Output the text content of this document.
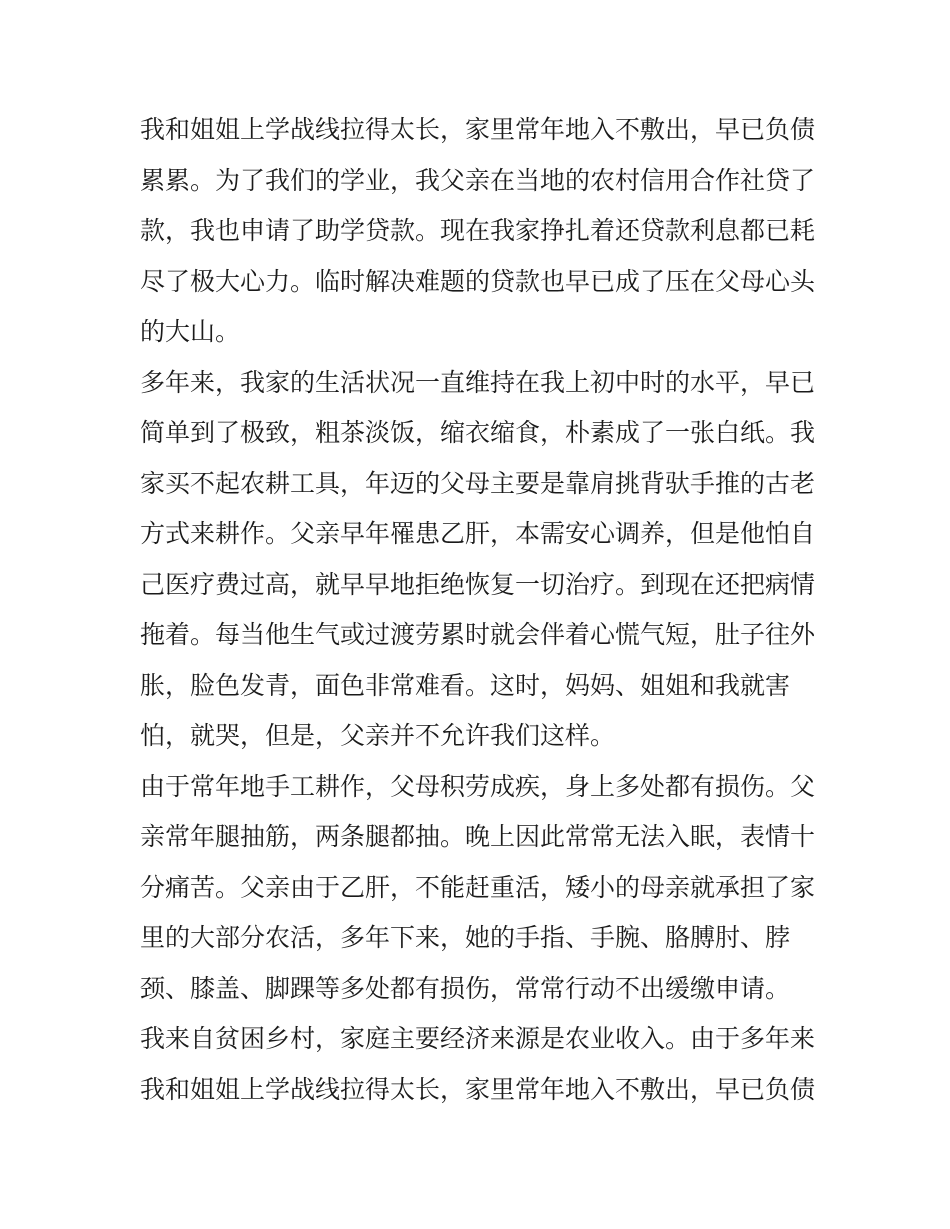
我和姐姐上学战线拉得太长，家里常年地入不敷出，早已负债
累累。为了我们的学业，我父亲在当地的农村信用合作社贷了
款，我也申请了助学贷款。现在我家挣扎着还贷款利息都已耗
尽了极大心力。临时解决难题的贷款也早已成了压在父母心头
的大山。
多年来，我家的生活状况一直维持在我上初中时的水平，早已
简单到了极致，粗茶淡饭，缩衣缩食，朴素成了一张白纸。我
家买不起农耕工具，年迈的父母主要是靠肩挑背驮手推的古老
方式来耕作。父亲早年罹患乙肝，本需安心调养，但是他怕自
己医疗费过高，就早早地拒绝恢复一切治疗。到现在还把病情
拖着。每当他生气或过渡劳累时就会伴着心慌气短，肚子往外
胀，脸色发青，面色非常难看。这时，妈妈、姐姐和我就害
怕，就哭，但是，父亲并不允许我们这样。
由于常年地手工耕作，父母积劳成疾，身上多处都有损伤。父
亲常年腿抽筋，两条腿都抽。晚上因此常常无法入眠，表情十
分痛苦。父亲由于乙肝，不能赶重活，矮小的母亲就承担了家
里的大部分农活，多年下来，她的手指、手腕、胳膊肘、脖
颈、膝盖、脚踝等多处都有损伤，常常行动不出缓缴申请。
我来自贫困乡村，家庭主要经济来源是农业收入。由于多年来
我和姐姐上学战线拉得太长，家里常年地入不敷出，早已负债
